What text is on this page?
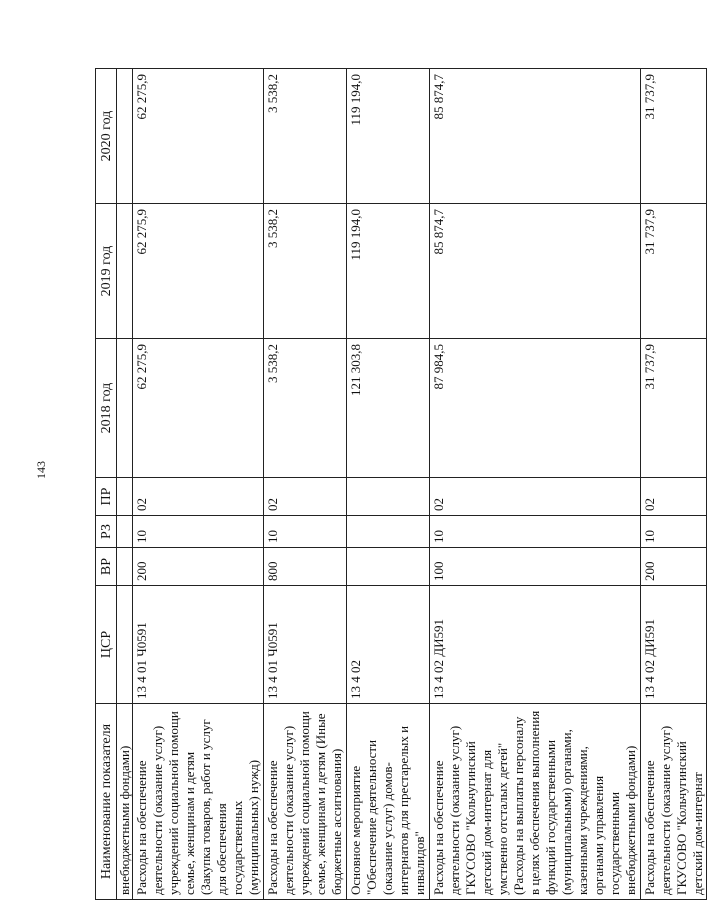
143
Наименование показателя	ЦСР	ВР	РЗ	ПР	2018 год	2019 год	2020 год
внебюджетными фондами)							
Расходы на обеспечение деятельности (оказание услуг) учреждений социальной помощи семье, женщинам и детям (Закупка товаров, работ и услуг для обеспечения государственных (муниципальных) нужд)	13 4 01 Ч0591	200	10	02	62 275,9	62 275,9	62 275,9
Расходы на обеспечение деятельности (оказание услуг) учреждений социальной помощи семье, женщинам и детям (Иные бюджетные ассигнования)	13 4 01 Ч0591	800	10	02	3 538,2	3 538,2	3 538,2
Основное мероприятие "Обеспечение деятельности (оказание услуг) домов-интернатов для престарелых и инвалидов"	13 4 02				121 303,8	119 194,0	119 194,0
Расходы на обеспечение деятельности (оказание услуг) ГКУСОВО "Кольчугинский детский дом-интернат для умственно отсталых детей" (Расходы на выплаты персоналу в целях обеспечения выполнения функций государственными (муниципальными) органами, казенными учреждениями, органами управления государственными внебюджетными фондами)	13 4 02 ДИ591	100	10	02	87 984,5	85 874,7	85 874,7
Расходы на обеспечение деятельности (оказание услуг) ГКУСОВО "Кольчугинский детский дом-интернат	13 4 02 ДИ591	200	10	02	31 737,9	31 737,9	31 737,9
